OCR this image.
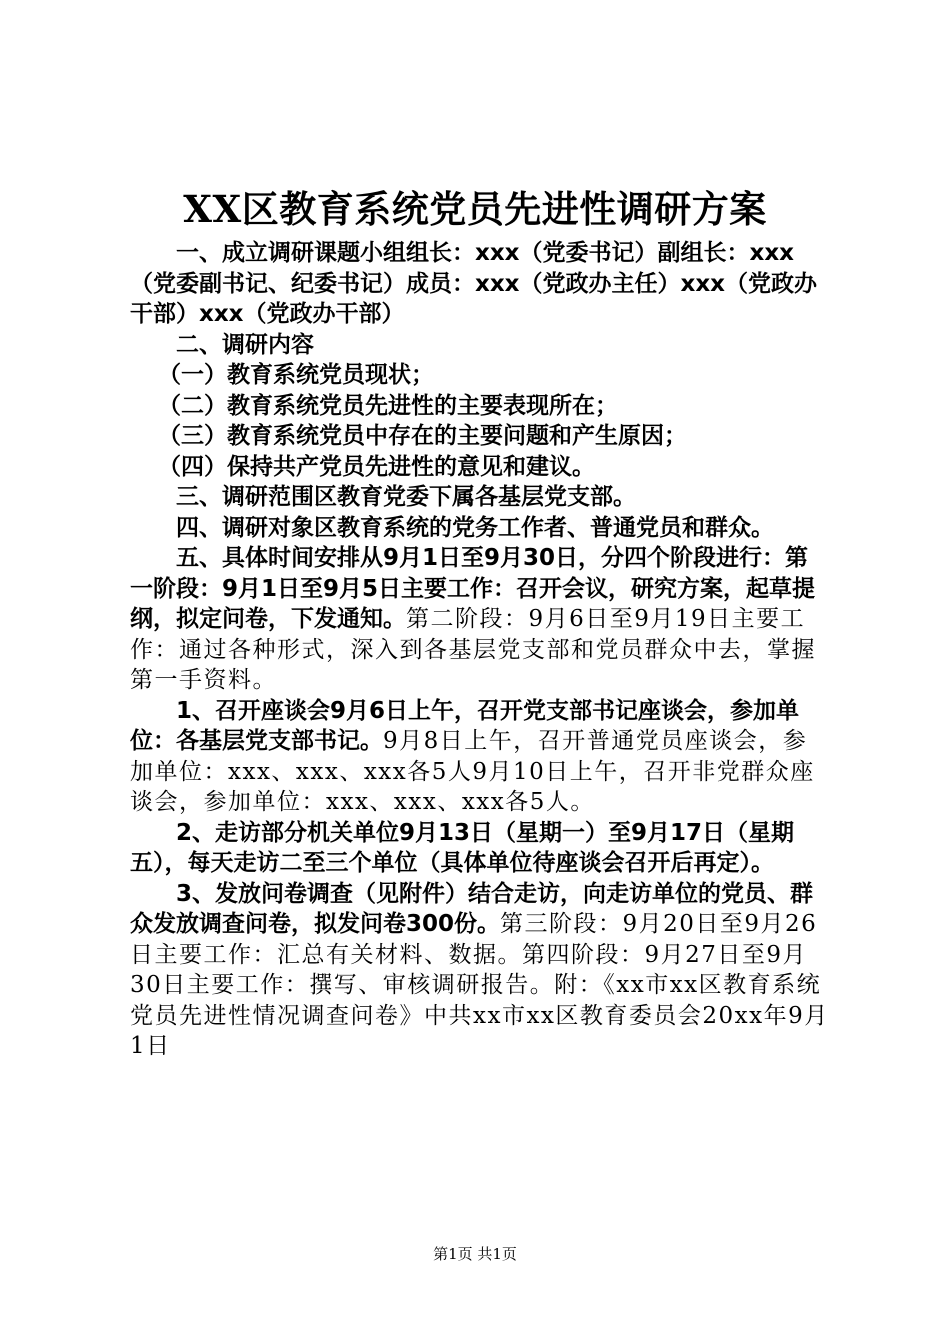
XX区教育系统党员先进性调研方案

一、成立调研课题小组组长：xxx（党委书记）副组长：xxx（党委副书记、纪委书记）成员：xxx（党政办主任）xxx（党政办干部）xxx（党政办干部）

二、调研内容

（一）教育系统党员现状；

（二）教育系统党员先进性的主要表现所在；

（三）教育系统党员中存在的主要问题和产生原因；

（四）保持共产党员先进性的意见和建议。

三、调研范围区教育党委下属各基层党支部。

四、调研对象区教育系统的党务工作者、普通党员和群众。

五、具体时间安排从9月1日至9月30日，分四个阶段进行：第一阶段：9月1日至9月5日主要工作：召开会议，研究方案，起草提纲，拟定问卷，下发通知。第二阶段：9月6日至9月19日主要工作：通过各种形式，深入到各基层党支部和党员群众中去，掌握第一手资料。

1、召开座谈会9月6日上午，召开党支部书记座谈会，参加单位：各基层党支部书记。9月8日上午，召开普通党员座谈会，参加单位：xxx、xxx、xxx各5人9月10日上午，召开非党群众座谈会，参加单位：xxx、xxx、xxx各5人。

2、走访部分机关单位9月13日（星期一）至9月17日（星期五），每天走访二至三个单位（具体单位待座谈会召开后再定）。

3、发放问卷调查（见附件）结合走访，向走访单位的党员、群众发放调查问卷，拟发问卷300份。第三阶段：9月20日至9月26日主要工作：汇总有关材料、数据。第四阶段：9月27日至9月30日主要工作：撰写、审核调研报告。附：《xx市xx区教育系统党员先进性情况调查问卷》中共xx市xx区教育委员会20xx年9月1日

第1页 共1页
